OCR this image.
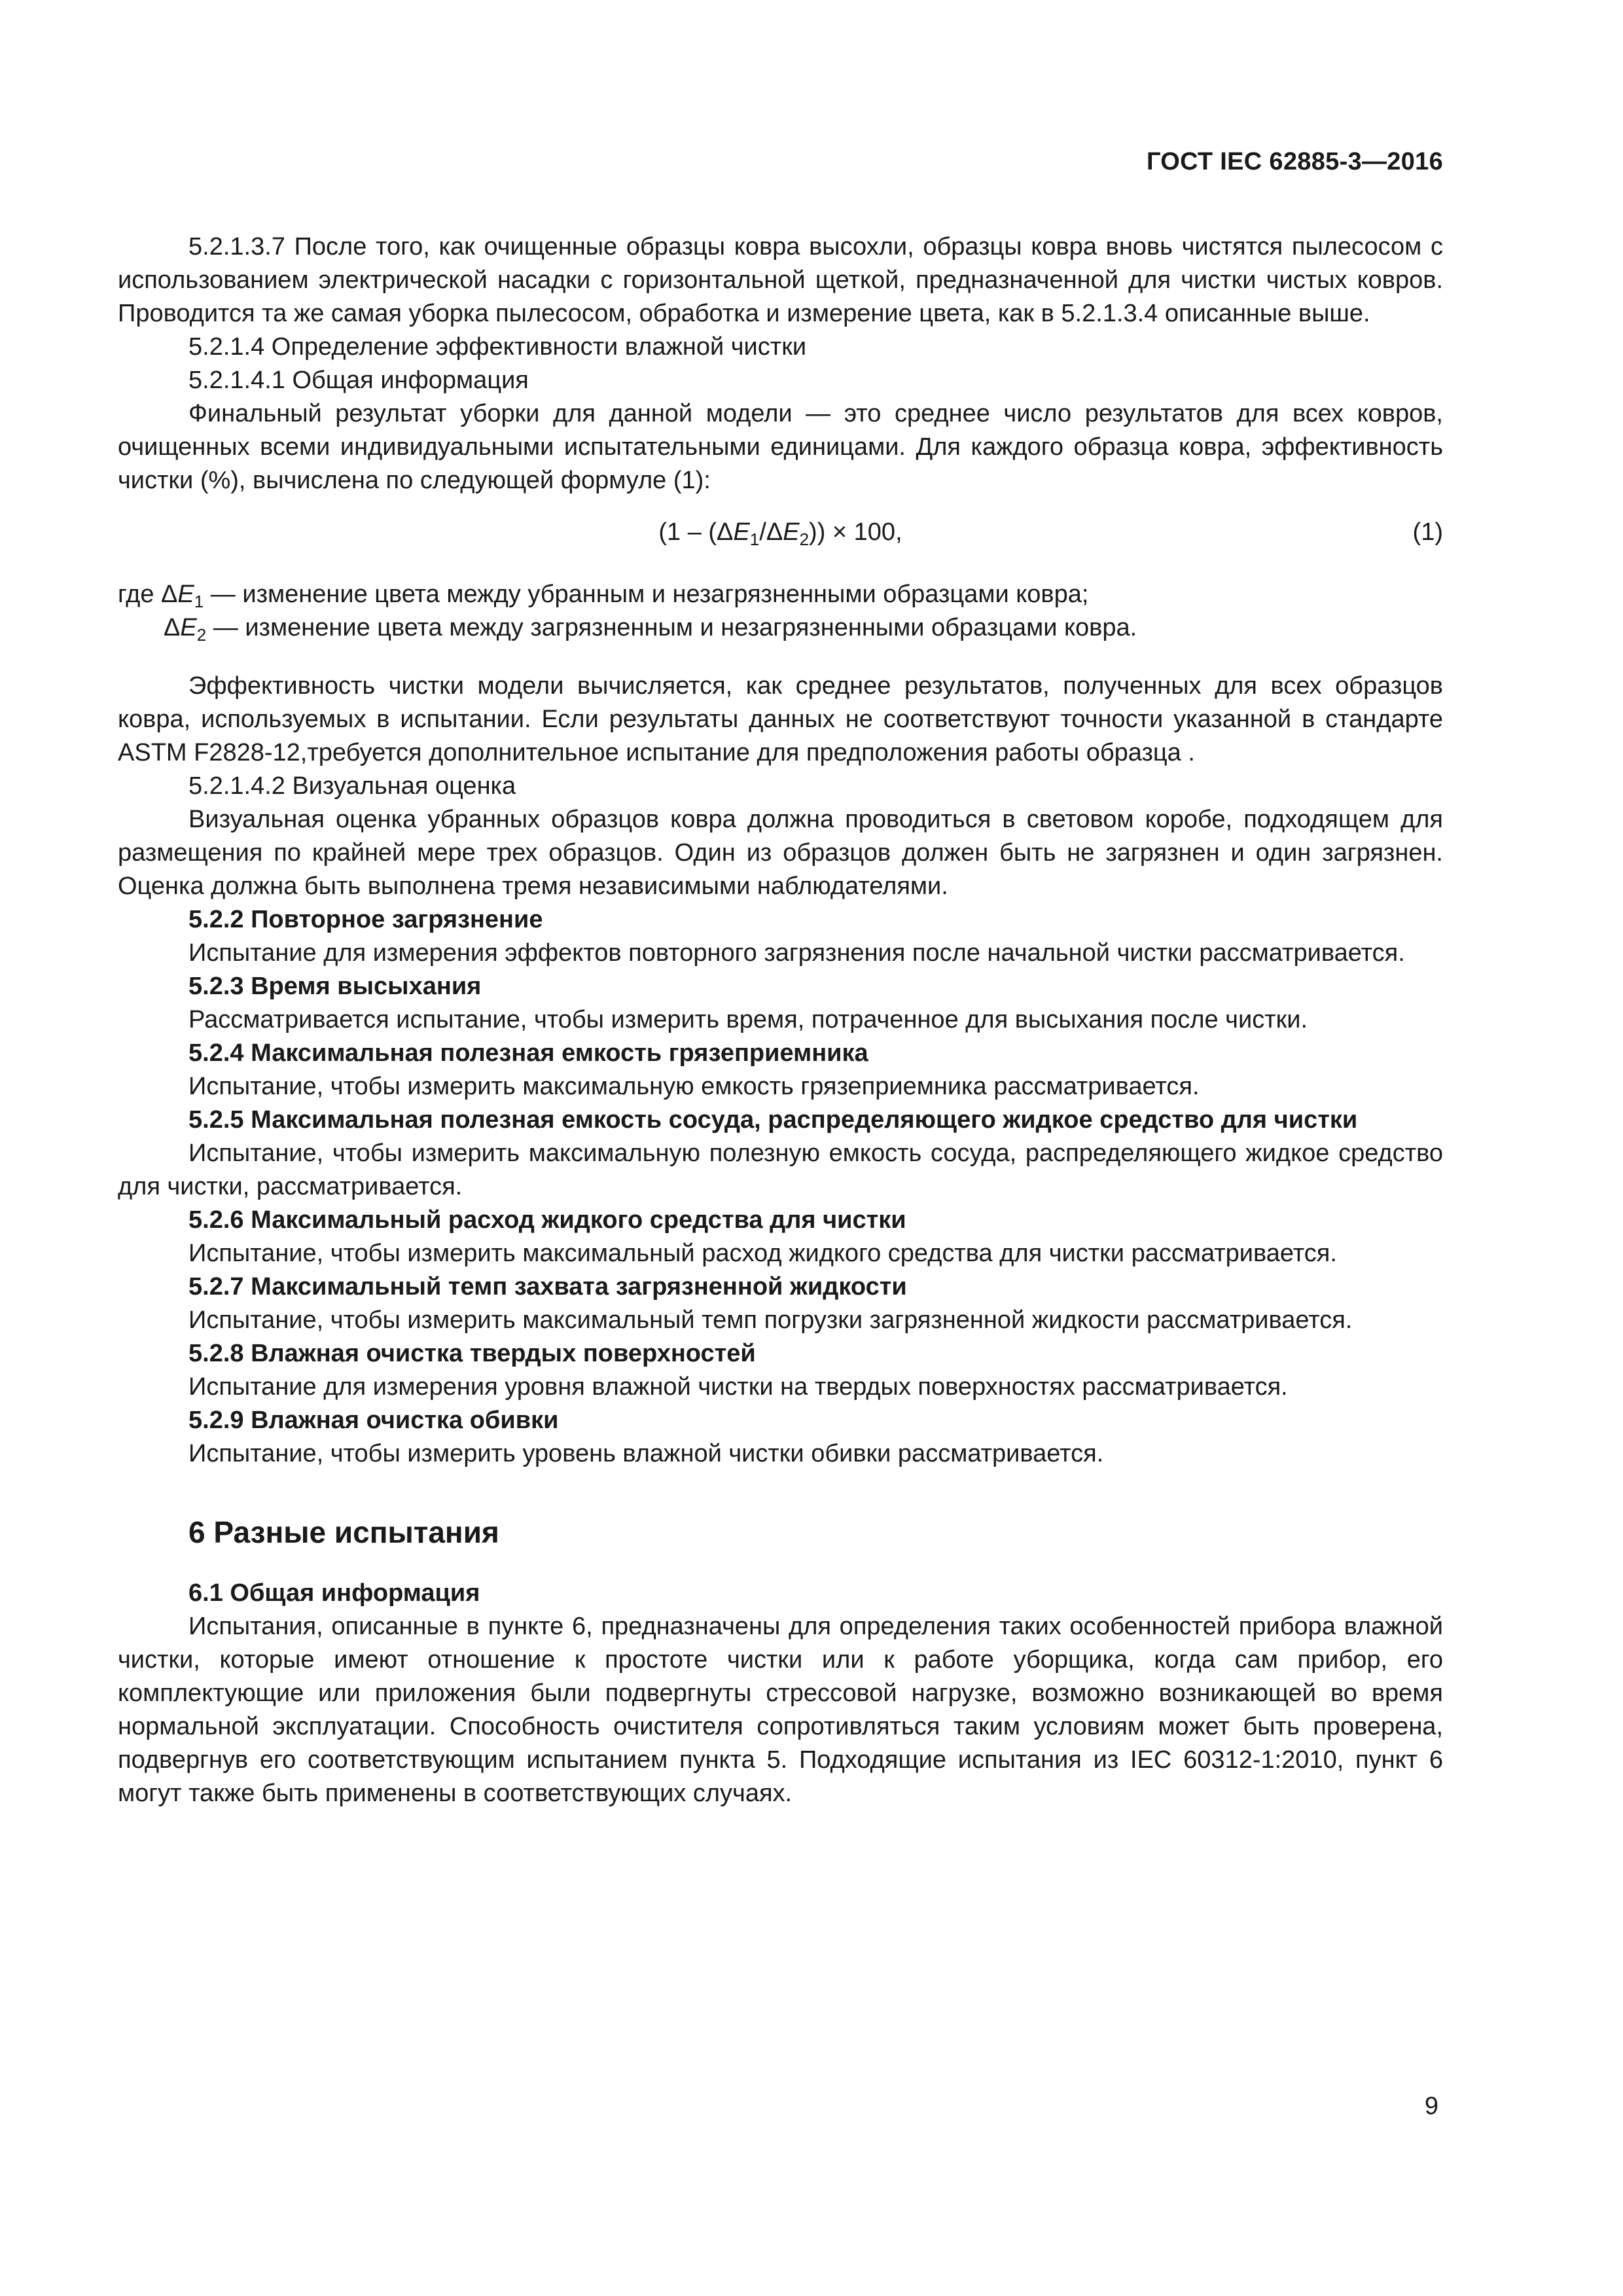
ГОСТ IEC 62885-3—2016

5.2.1.3.7 После того, как очищенные образцы ковра высохли, образцы ковра вновь чистятся пылесосом с использованием электрической насадки с горизонтальной щеткой, предназначенной для чистки чистых ковров. Проводится та же самая уборка пылесосом, обработка и измерение цвета, как в 5.2.1.3.4 описанные выше.

5.2.1.4 Определение эффективности влажной чистки

5.2.1.4.1 Общая информация

Финальный результат уборки для данной модели — это среднее число результатов для всех ковров, очищенных всеми индивидуальными испытательными единицами. Для каждого образца ковра, эффективность чистки (%), вычислена по следующей формуле (1):

$(1 - (\Delta E_1/\Delta E_2)) \times 100$,	(1)

где $\Delta E_1$ — изменение цвета между убранным и незагрязненными образцами ковра;

$\Delta E_2$ — изменение цвета между загрязненным и незагрязненными образцами ковра.

Эффективность чистки модели вычисляется, как среднее результатов, полученных для всех образцов ковра, используемых в испытании. Если результаты данных не соответствуют точности указанной в стандарте ASTM F2828-12,требуется дополнительное испытание для предположения работы образца .

5.2.1.4.2 Визуальная оценка

Визуальная оценка убранных образцов ковра должна проводиться в световом коробе, подходящем для размещения по крайней мере трех образцов. Один из образцов должен быть не загрязнен и один загрязнен. Оценка должна быть выполнена тремя независимыми наблюдателями.

5.2.2 Повторное загрязнение

Испытание для измерения эффектов повторного загрязнения после начальной чистки рассматривается.

5.2.3 Время высыхания

Рассматривается испытание, чтобы измерить время, потраченное для высыхания после чистки.

5.2.4 Максимальная полезная емкость грязеприемника

Испытание, чтобы измерить максимальную емкость грязеприемника рассматривается.

5.2.5 Максимальная полезная емкость сосуда, распределяющего жидкое средство для чистки

Испытание, чтобы измерить максимальную полезную емкость сосуда, распределяющего жидкое средство для чистки, рассматривается.

5.2.6 Максимальный расход жидкого средства для чистки

Испытание, чтобы измерить максимальный расход жидкого средства для чистки рассматривается.

5.2.7 Максимальный темп захвата загрязненной жидкости

Испытание, чтобы измерить максимальный темп погрузки загрязненной жидкости рассматривается.

5.2.8 Влажная очистка твердых поверхностей

Испытание для измерения уровня влажной чистки на твердых поверхностях рассматривается.

5.2.9 Влажная очистка обивки

Испытание, чтобы измерить уровень влажной чистки обивки рассматривается.

6 Разные испытания

6.1 Общая информация

Испытания, описанные в пункте 6, предназначены для определения таких особенностей прибора влажной чистки, которые имеют отношение к простоте чистки или к работе уборщика, когда сам прибор, его комплектующие или приложения были подвергнуты стрессовой нагрузке, возможно возникающей во время нормальной эксплуатации. Способность очистителя сопротивляться таким условиям может быть проверена, подвергнув его соответствующим испытанием пункта 5. Подходящие испытания из IEC 60312-1:2010, пункт 6 могут также быть применены в соответствующих случаях.

9
